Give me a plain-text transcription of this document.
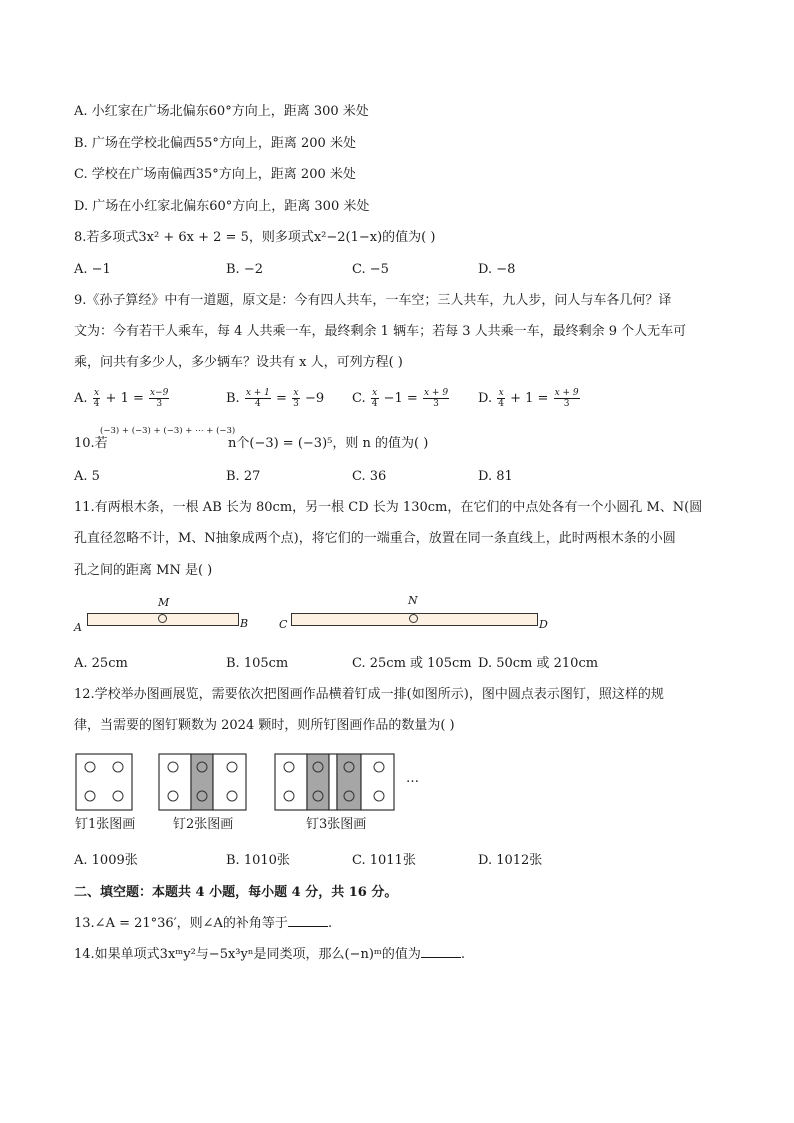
A. 小红家在广场北偏东60°方向上，距离 300 米处
B. 广场在学校北偏西55°方向上，距离 200 米处
C. 学校在广场南偏西35°方向上，距离 200 米处
D. 广场在小红家北偏东60°方向上，距离 300 米处
8.若多项式3x² + 6x + 2 = 5，则多项式x²−2(1−x)的值为( )
A. −1	B. −2	C. −5	D. −8
9.《孙子算经》中有一道题，原文是：今有四人共车，一车空；三人共车，九人步，问人与车各几何？译
文为：今有若干人乘车，每 4 人共乘一车，最终剩余 1 辆车；若每 3 人共乘一车，最终剩余 9 个人无车可
乘，问共有多少人，多少辆车？设共有 x 人，可列方程( )
A. $\frac{x}{4} + 1 = \frac{x-9}{3}$	B. $\frac{x + 1}{4} = \frac{x}{3} -9$ C. $\frac{x}{4} -1 = \frac{x + 9}{3} D$. $\frac{x}{4} + 1 = \frac{x + 9}{3}$
(−3) + (−3) + (−3) + ⋯ + (−3)
10.若	n个(−3) = (−3)⁵，则 n 的值为( )
A. 5	B. 27	C. 36	D. 81
11.有两根木条，一根 AB 长为 80cm，另一根 CD 长为 130cm，在它们的中点处各有一个小圆孔 M、N(圆
孔直径忽略不计，M、N抽象成两个点)，将它们的一端重合，放置在同一条直线上，此时两根木条的小圆
孔之间的距离 MN 是( )
A	B	C	D
M	N
A. 25cm	B. 105cm	C. 25cm 或 105cm D. 50cm 或 210cm
12.学校举办图画展览，需要依次把图画作品横着钉成一排(如图所示)，图中圆点表示图钉，照这样的规
律，当需要的图钉颗数为 2024 颗时，则所钉图画作品的数量为( )
…
钉1张图画	钉2张图画	钉3张图画
A. 1009张	B. 1010张	C. 1011张	D. 1012张
二、填空题：本题共 4 小题，每小题 4 分，共 16 分。
13.∠A = 21°36′，则∠A的补角等于	.
14.如果单项式3xᵐy²与−5x³yⁿ是同类项，那么(−n)ᵐ的值为	.
